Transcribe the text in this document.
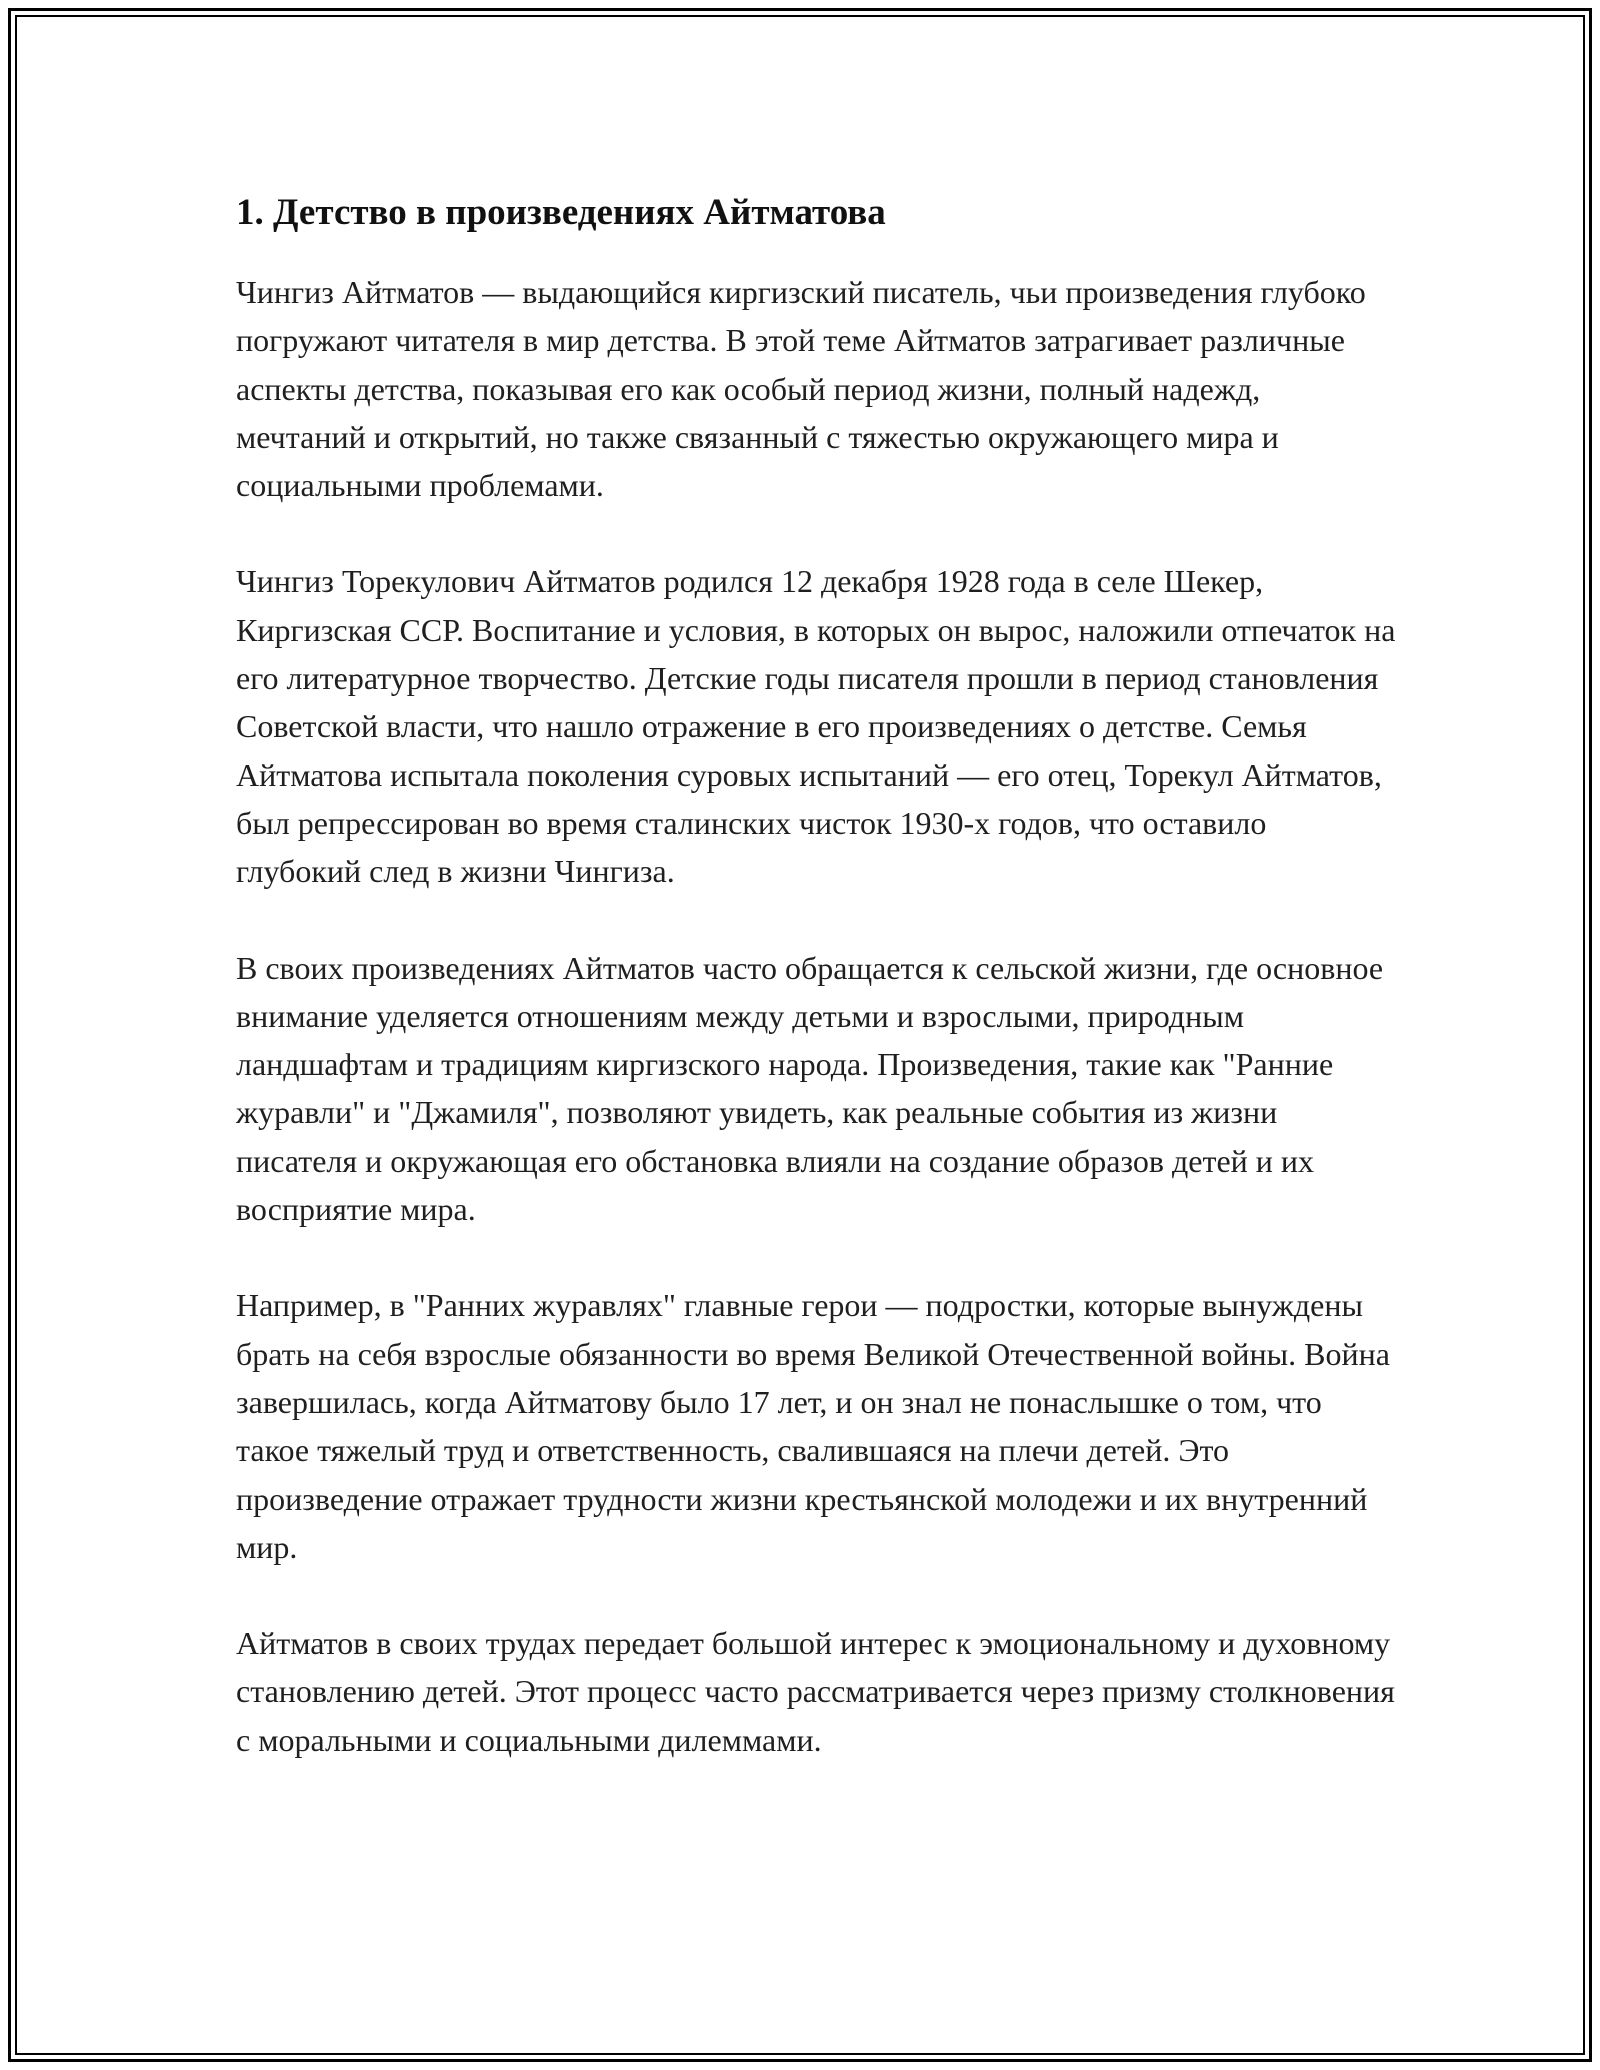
1. Детство в произведениях Айтматова

Чингиз Айтматов — выдающийся киргизский писатель, чьи произведения глубоко погружают читателя в мир детства. В этой теме Айтматов затрагивает различные аспекты детства, показывая его как особый период жизни, полный надежд, мечтаний и открытий, но также связанный с тяжестью окружающего мира и социальными проблемами.

Чингиз Торекулович Айтматов родился 12 декабря 1928 года в селе Шекер, Киргизская ССР. Воспитание и условия, в которых он вырос, наложили отпечаток на его литературное творчество. Детские годы писателя прошли в период становления Советской власти, что нашло отражение в его произведениях о детстве. Семья Айтматова испытала поколения суровых испытаний — его отец, Торекул Айтматов, был репрессирован во время сталинских чисток 1930-х годов, что оставило глубокий след в жизни Чингиза.

В своих произведениях Айтматов часто обращается к сельской жизни, где основное внимание уделяется отношениям между детьми и взрослыми, природным ландшафтам и традициям киргизского народа. Произведения, такие как "Ранние журавли" и "Джамиля", позволяют увидеть, как реальные события из жизни писателя и окружающая его обстановка влияли на создание образов детей и их восприятие мира.

Например, в "Ранних журавлях" главные герои — подростки, которые вынуждены брать на себя взрослые обязанности во время Великой Отечественной войны. Война завершилась, когда Айтматову было 17 лет, и он знал не понаслышке о том, что такое тяжелый труд и ответственность, свалившаяся на плечи детей. Это произведение отражает трудности жизни крестьянской молодежи и их внутренний мир.

Айтматов в своих трудах передает большой интерес к эмоциональному и духовному становлению детей. Этот процесс часто рассматривается через призму столкновения с моральными и социальными дилеммами.
